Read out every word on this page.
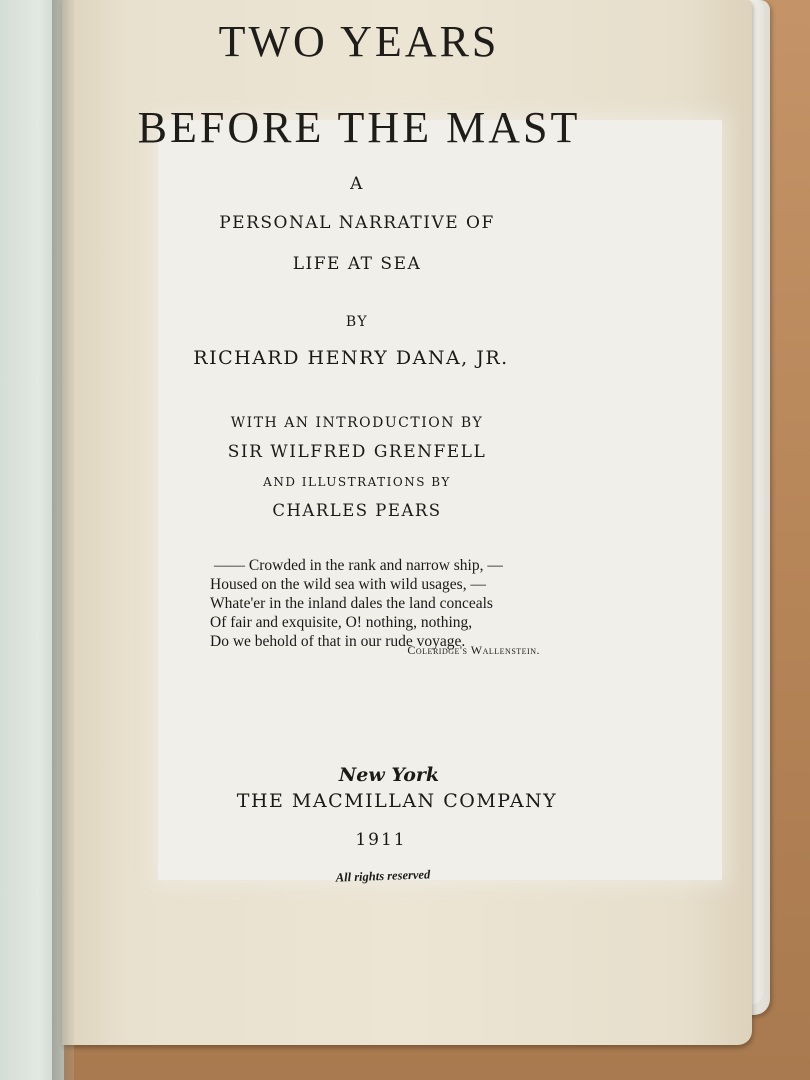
TWO YEARS

BEFORE THE MAST

A

PERSONAL NARRATIVE OF

LIFE AT SEA

BY

RICHARD HENRY DANA, JR.

WITH AN INTRODUCTION BY

SIR WILFRED GRENFELL

AND ILLUSTRATIONS BY

CHARLES PEARS

New York

THE MACMILLAN COMPANY

1911

All rights reserved

—— Crowded in the rank and narrow ship, —
Housed on the wild sea with wild usages, —
Whate'er in the inland dales the land conceals
Of fair and exquisite, O! nothing, nothing,
Do we behold of that in our rude voyage.

Coleridge's Wallenstein.
